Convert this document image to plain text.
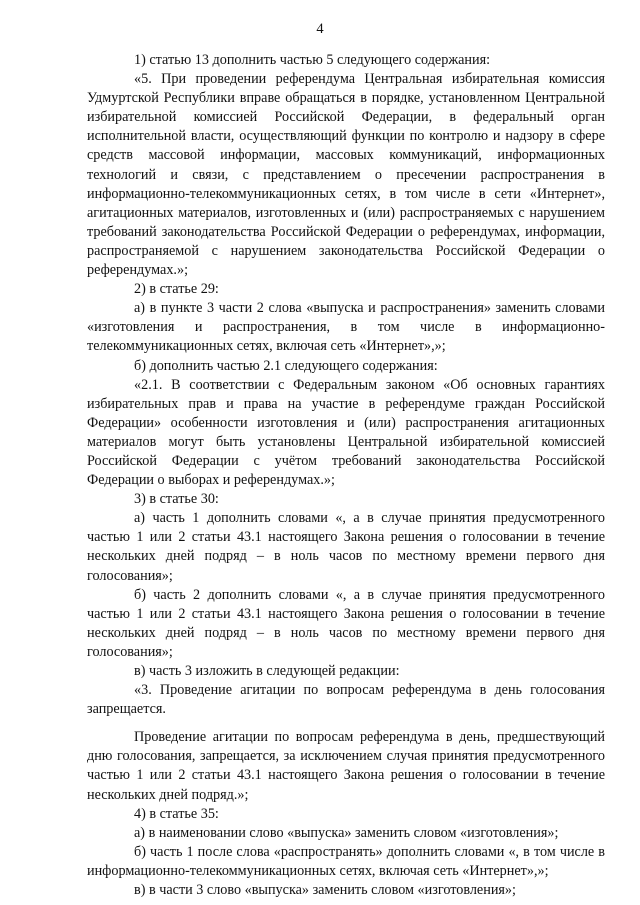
4

1) статью 13 дополнить частью 5 следующего содержания:

«5. При проведении референдума Центральная избирательная комиссия Удмуртской Республики вправе обращаться в порядке, установленном Центральной избирательной комиссией Российской Федерации, в федеральный орган исполнительной власти, осуществляющий функции по контролю и надзору в сфере средств массовой информации, массовых коммуникаций, информационных технологий и связи, с представлением о пресечении распространения в информационно-телекоммуникационных сетях, в том числе в сети «Интернет», агитационных материалов, изготовленных и (или) распространяемых с нарушением требований законодательства Российской Федерации о референдумах, информации, распространяемой с нарушением законодательства Российской Федерации о референдумах.»;

2) в статье 29:

а) в пункте 3 части 2 слова «выпуска и распространения» заменить словами «изготовления и распространения, в том числе в информационно-телекоммуникационных сетях, включая сеть «Интернет»,»;

б) дополнить частью 2.1 следующего содержания:

«2.1. В соответствии с Федеральным законом «Об основных гарантиях избирательных прав и права на участие в референдуме граждан Российской Федерации» особенности изготовления и (или) распространения агитационных материалов могут быть установлены Центральной избирательной комиссией Российской Федерации с учётом требований законодательства Российской Федерации о выборах и референдумах.»;

3) в статье 30:

а) часть 1 дополнить словами «, а в случае принятия предусмотренного частью 1 или 2 статьи 43.1 настоящего Закона решения о голосовании в течение нескольких дней подряд – в ноль часов по местному времени первого дня голосования»;

б) часть 2 дополнить словами «, а в случае принятия предусмотренного частью 1 или 2 статьи 43.1 настоящего Закона решения о голосовании в течение нескольких дней подряд – в ноль часов по местному времени первого дня голосования»;

в) часть 3 изложить в следующей редакции:

«3. Проведение агитации по вопросам референдума в день голосования запрещается.

Проведение агитации по вопросам референдума в день, предшествующий дню голосования, запрещается, за исключением случая принятия предусмотренного частью 1 или 2 статьи 43.1 настоящего Закона решения о голосовании в течение нескольких дней подряд.»;

4) в статье 35:

а) в наименовании слово «выпуска» заменить словом «изготовления»;

б) часть 1 после слова «распространять» дополнить словами «, в том числе в информационно-телекоммуникационных сетях, включая сеть «Интернет»,»;

в) в части 3 слово «выпуска» заменить словом «изготовления»;
